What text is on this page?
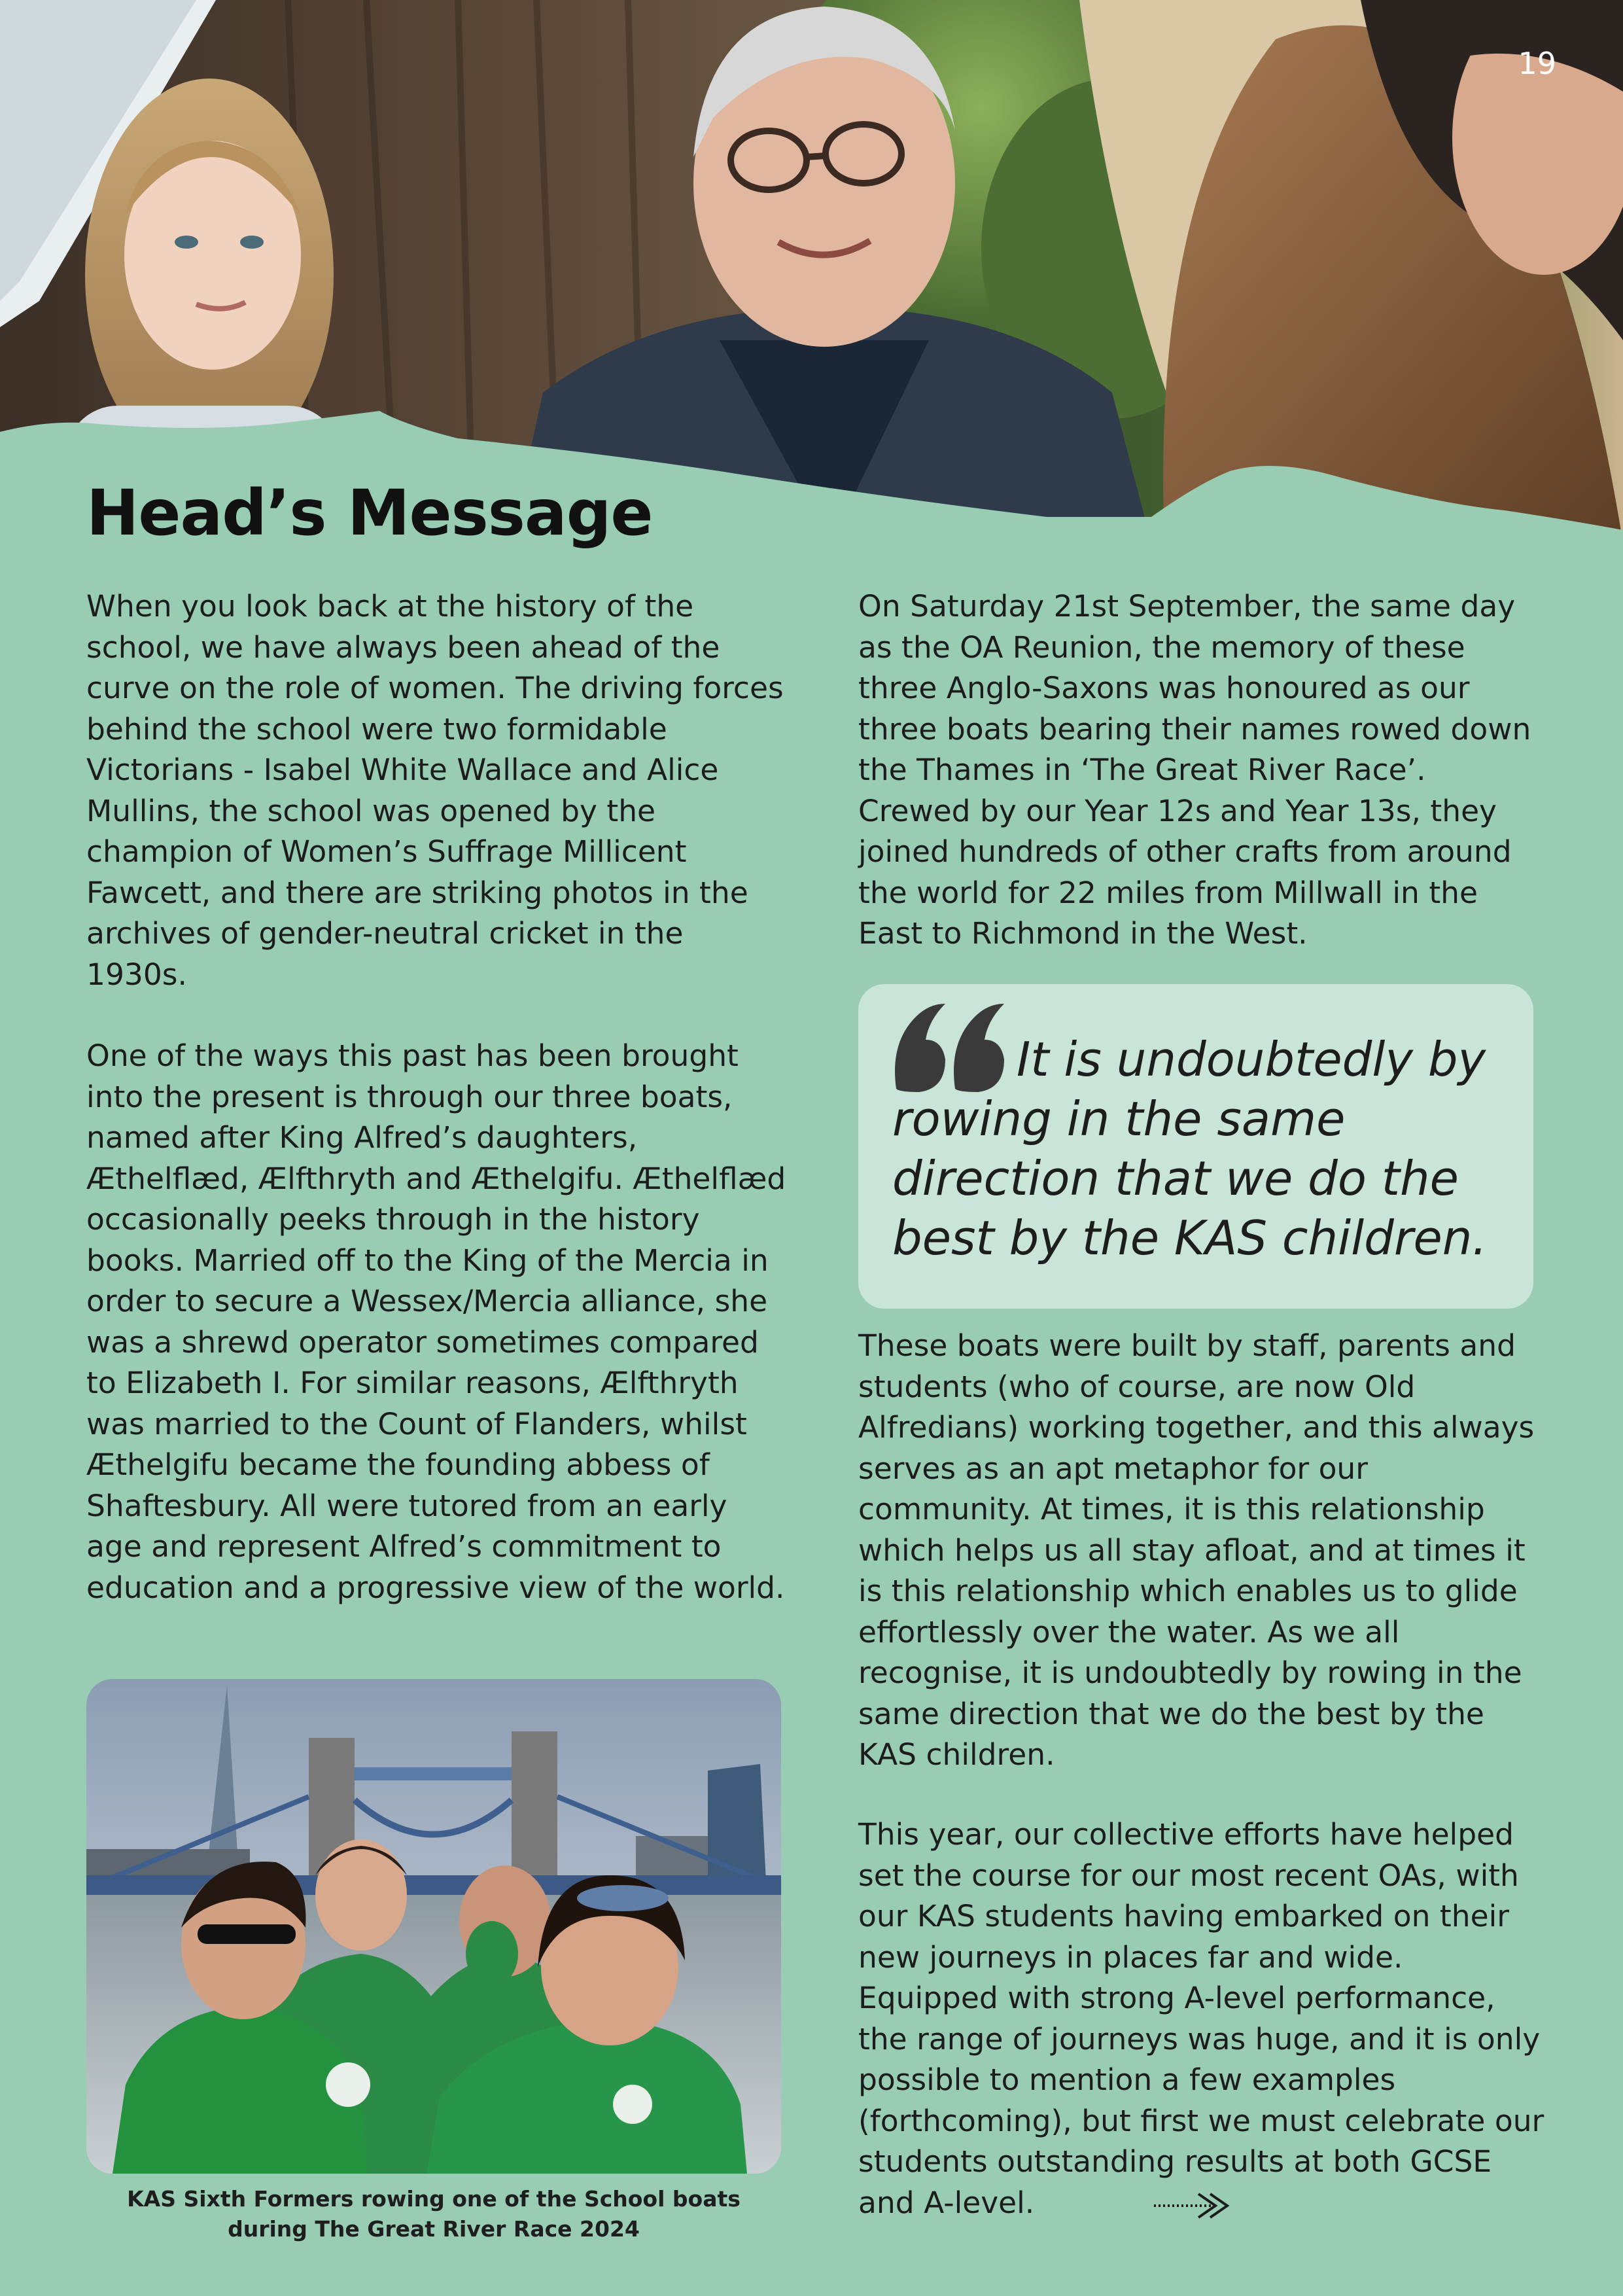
19
Head’s Message

When you look back at the history of the school, we have always been ahead of the curve on the role of women. The driving forces behind the school were two formidable Victorians - Isabel White Wallace and Alice Mullins, the school was opened by the champion of Women’s Suffrage Millicent Fawcett, and there are striking photos in the archives of gender-neutral cricket in the 1930s.

One of the ways this past has been brought into the present is through our three boats, named after King Alfred’s daughters, Æthelflæd, Ælfthryth and Æthelgifu. Æthelflæd occasionally peeks through in the history books. Married off to the King of the Mercia in order to secure a Wessex/Mercia alliance, she was a shrewd operator sometimes compared to Elizabeth I. For similar reasons, Ælfthryth was married to the Count of Flanders, whilst Æthelgifu became the founding abbess of Shaftesbury. All were tutored from an early age and represent Alfred’s commitment to education and a progressive view of the world.

KAS Sixth Formers rowing one of the School boats
during The Great River Race 2024

On Saturday 21st September, the same day as the OA Reunion, the memory of these three Anglo-Saxons was honoured as our three boats bearing their names rowed down the Thames in ‘The Great River Race’. Crewed by our Year 12s and Year 13s, they joined hundreds of other crafts from around the world for 22 miles from Millwall in the East to Richmond in the West.

It is undoubtedly by rowing in the same direction that we do the best by the KAS children.

These boats were built by staff, parents and students (who of course, are now Old Alfredians) working together, and this always serves as an apt metaphor for our community. At times, it is this relationship which helps us all stay afloat, and at times it is this relationship which enables us to glide effortlessly over the water. As we all recognise, it is undoubtedly by rowing in the same direction that we do the best by the KAS children.

This year, our collective efforts have helped set the course for our most recent OAs, with our KAS students having embarked on their new journeys in places far and wide. Equipped with strong A-level performance, the range of journeys was huge, and it is only possible to mention a few examples (forthcoming), but first we must celebrate our students outstanding results at both GCSE and A-level.
